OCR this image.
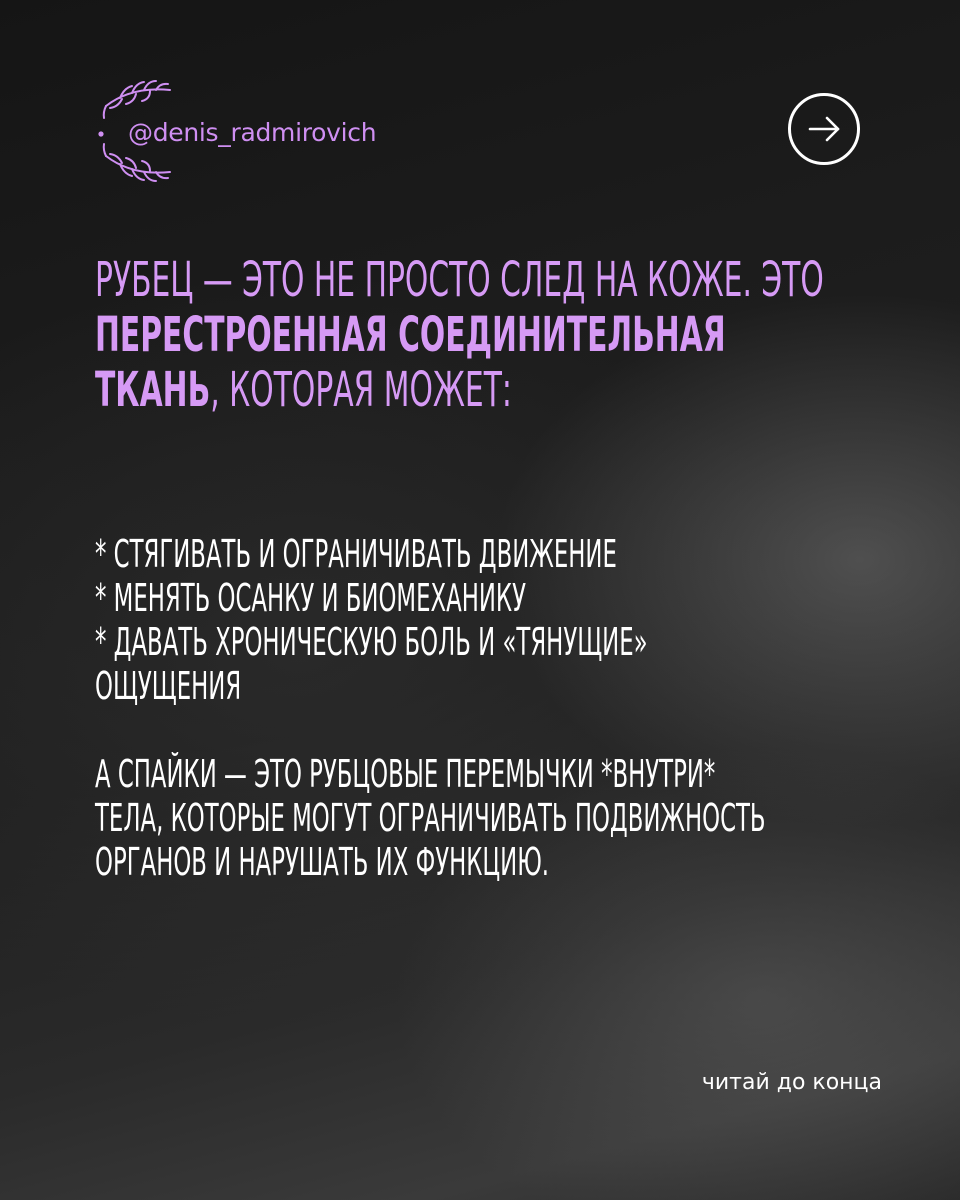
@denis_radmirovich
РУБЕЦ — ЭТО НЕ ПРОСТО СЛЕД НА КОЖЕ. ЭТО ПЕРЕСТРОЕННАЯ СОЕДИНИТЕЛЬНАЯ ТКАНЬ, КОТОРАЯ МОЖЕТ:
* СТЯГИВАТЬ И ОГРАНИЧИВАТЬ ДВИЖЕНИЕ
* МЕНЯТЬ ОСАНКУ И БИОМЕХАНИКУ
* ДАВАТЬ ХРОНИЧЕСКУЮ БОЛЬ И «ТЯНУЩИЕ» ОЩУЩЕНИЯ
А СПАЙКИ — ЭТО РУБЦОВЫЕ ПЕРЕМЫЧКИ *ВНУТРИ* ТЕЛА, КОТОРЫЕ МОГУТ ОГРАНИЧИВАТЬ ПОДВИЖНОСТЬ ОРГАНОВ И НАРУШАТЬ ИХ ФУНКЦИЮ.
читай до конца
